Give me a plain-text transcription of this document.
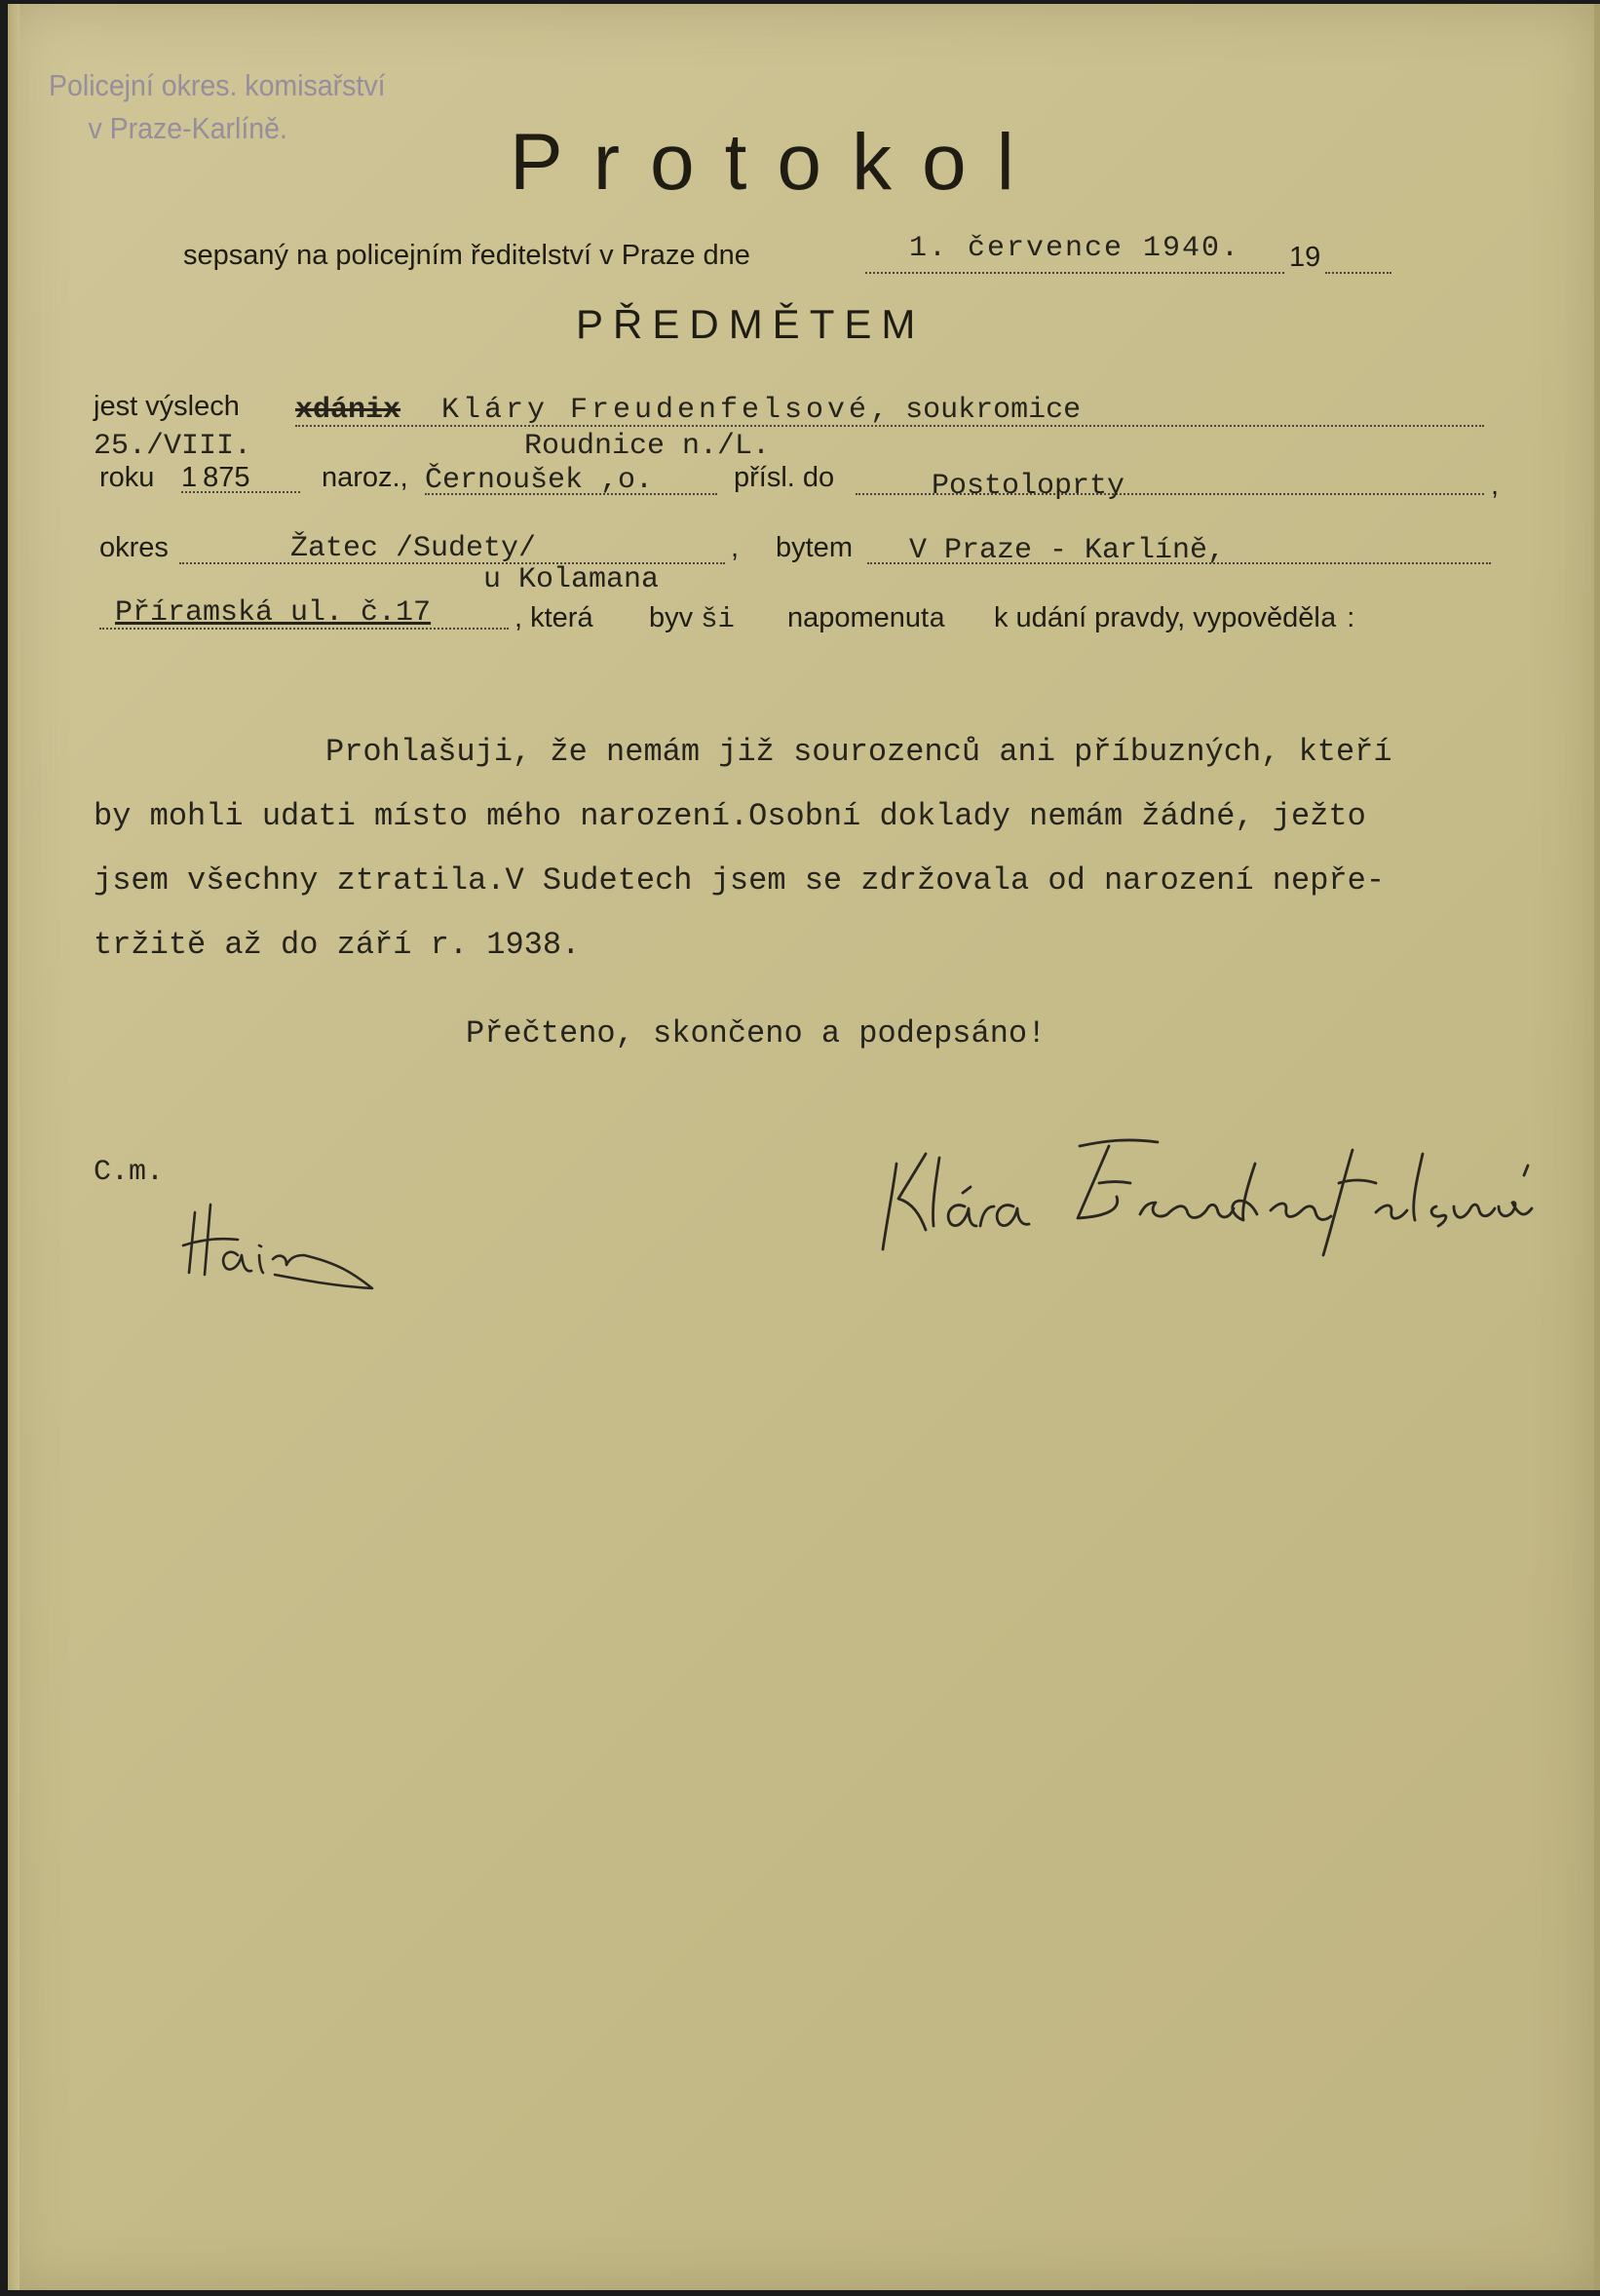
Policejní okres. komisařství
v Praze-Karlíně.	Protokol
sepsaný na policejním ředitelství v Praze dne	1. července 1940. 19
PŘEDMĚTEM
jest výslech xdánix Kláry Freudenfelsové, soukromice
25./VIII.	Roudnice n./L.
roku 1 875	naroz., Černoušek ,o.	přísl. do	Postoloprty	,
okres	Žatec /Sudety/	, bytem V Praze - Karlíně,
u Kolamana
Příramská ul. č.17	, která byv ši napomenuta k udání pravdy, vypověděla :

Prohlašuji, že nemám již sourozenců ani příbuzných, kteří

by mohli udati místo mého narození.Osobní doklady nemám žádné, ježto

jsem všechny ztratila.V Sudetech jsem se zdržovala od narození nepře-

tržitě až do září r. 1938.

Přečteno, skončeno a podepsáno!
C.m.
